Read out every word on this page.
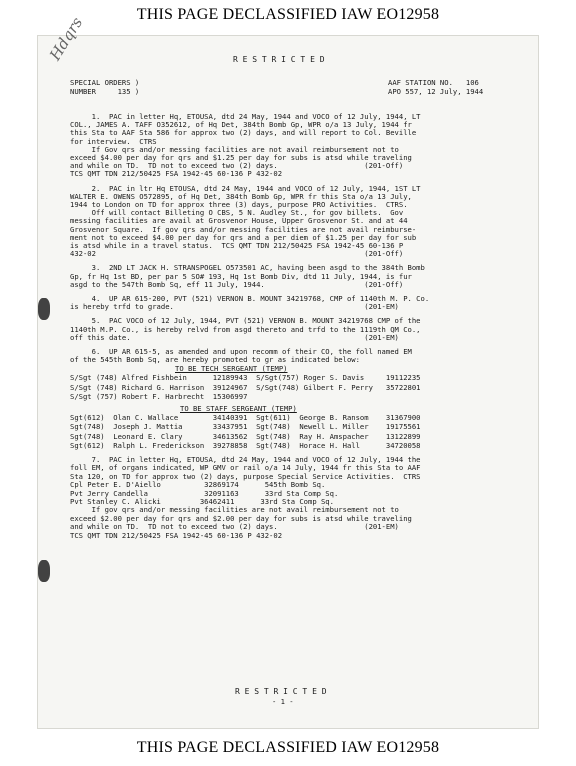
THIS PAGE DECLASSIFIED IAW EO12958
Hdqrs	R E S T R I C T E D
SPECIAL ORDERS )
NUMBER     135 )
AAF STATION NO.   106
APO 557, 12 July, 1944
1.  PAC in letter Hq, ETOUSA, dtd 24 May, 1944 and VOCO of 12 July, 1944, LT
COL., JAMES A. TAFF O352612, of Hq Det, 384th Bomb Gp, WPR o/a 13 July, 1944 fr
this Sta to AAF Sta 586 for approx two (2) days, and will report to Col. Beville
for interview.  CTRS
If Gov qrs and/or messing facilities are not avail reimbursement not to
exceed $4.00 per day for qrs and $1.25 per day for subs is atsd while traveling
and while on TD.  TD not to exceed two (2) days.                    (201-Off)
TCS QMT TDN 212/50425 FSA 1942-45 60-136 P 432-02
2.  PAC in ltr Hq ETOUSA, dtd 24 May, 1944 and VOCO of 12 July, 1944, 1ST LT
WALTER E. OWENS O572895, of Hq Det, 384th Bomb Gp, WPR fr this Sta o/a 13 July,
1944 to London on TD for approx three (3) days, purpose PRO Activities.  CTRS.
Off will contact Billeting O CBS, 5 N. Audley St., for gov billets.  Gov
messing facilities are avail at Grosvenor House, Upper Grosvenor St. and at 44
Grosvenor Square.  If gov qrs and/or messing facilities are not avail reimburse-
ment not to exceed $4.00 per day for qrs and a per diem of $1.25 per day for sub
is atsd while in a travel status.  TCS QMT TDN 212/50425 FSA 1942-45 60-136 P
432-02                                                              (201-Off)
3.  2ND LT JACK H. STRANSPOGEL O573501 AC, having been asgd to the 384th Bomb
Gp, fr Hq 1st BD, per par 5 SO# 193, Hq 1st Bomb Div, dtd 11 July, 1944, is fur
asgd to the 547th Bomb Sq, eff 11 July, 1944.                       (201-Off)
4.  UP AR 615-200, PVT (521) VERNON B. MOUNT 34219768, CMP of 1140th M. P. Co.
is hereby trfd to grade.                                            (201-EM)
5.  PAC VOCO of 12 July, 1944, PVT (521) VERNON B. MOUNT 34219768 CMP of the
1140th M.P. Co., is hereby relvd from asgd thereto and trfd to the 1119th QM Co.,
off this date.                                                      (201-EM)
6.  UP AR 615-5, as amended and upon recomm of their CO, the foll named EM
of the 545th Bomb Sq, are hereby promoted to gr as indicated below:
TO BE TECH SERGEANT (TEMP)
S/Sgt (748) Alfred Fishbein      12189943  S/Sgt(757) Roger S. Davis     19112235
S/Sgt (748) Richard G. Harrison  39124967  S/Sgt(748) Gilbert F. Perry   35722801
S/Sgt (757) Robert F. Harbrecht  15306997
TO BE STAFF SERGEANT (TEMP)
Sgt(612)  Olan C. Wallace        34140391  Sgt(611)  George B. Ransom    31367900
Sgt(748)  Joseph J. Mattia       33437951  Sgt(748)  Newell L. Miller    19175561
Sgt(748)  Leonard E. Clary       34613562  Sgt(748)  Ray H. Amspacher    13122899
Sgt(612)  Ralph L. Frederickson  39278858  Sgt(748)  Horace H. Hall      34720058
7.  PAC in letter Hq, ETOUSA, dtd 24 May, 1944 and VOCO of 12 July, 1944 the
foll EM, of organs indicated, WP GMV or rail o/a 14 July, 1944 fr this Sta to AAF
Sta 120, on TD for approx two (2) days, purpose Special Service Activities.  CTRS
Cpl Peter E. D'Aiello          32869174      545th Bomb Sq.
Pvt Jerry Candella             32091163      33rd Sta Comp Sq.
Pvt Stanley C. Alicki         36462411      33rd Sta Comp Sq.
If gov qrs and/or messing facilities are not avail reimbursement not to
exceed $2.00 per day for qrs and $2.00 per day for subs is atsd while traveling
and while on TD.  TD not to exceed two (2) days.                    (201-EM)
TCS QMT TDN 212/50425 FSA 1942-45 60-136 P 432-02
R E S T R I C T E D
- 1 -
THIS PAGE DECLASSIFIED IAW EO12958
